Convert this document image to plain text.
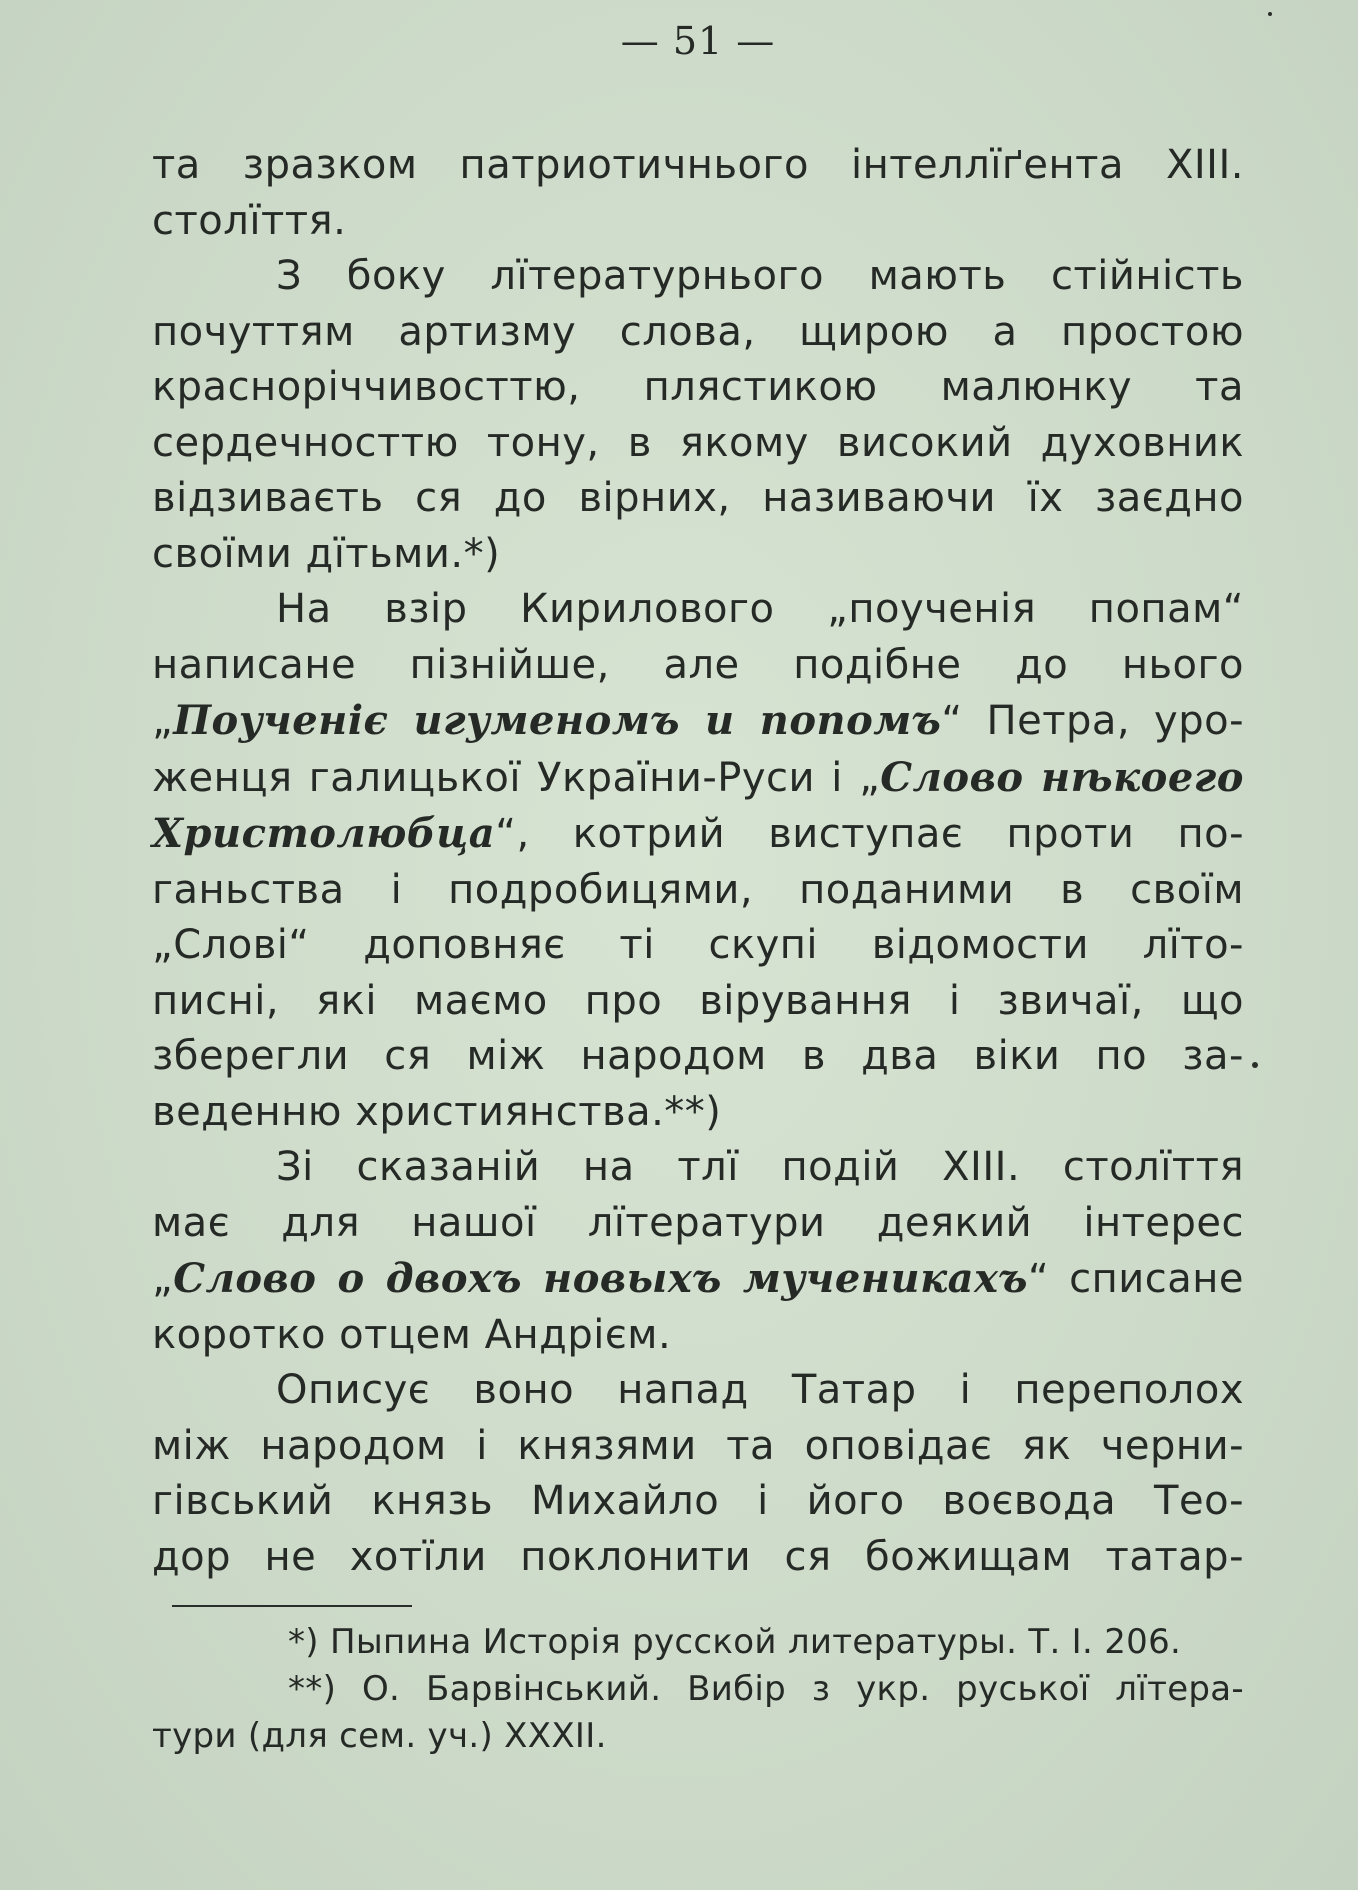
— 51 —

та зразком патриотичнього інтеллїґента ХІІІ.
столїття.

З боку лїтературнього мають стійність
почуттям артизму слова, щирою а простою
красноріччивосттю, плястикою малюнку та
сердечносттю тону, в якому високий духовник
відзиваєть ся до вірних, називаючи їх заєдно
своїми дїтьми.*)

На взір Кирилового „поученія попам“
написане пізнійше, але подібне до нього
„Поученіє игуменомъ и попомъ“ Петра, уро-
женця галицької України-Руси і „Слово нѣкоего
Христолюбца“, котрий виступає проти по-
ганьства і подробицями, поданими в своїм
„Слові“ доповняє ті скупі відомости лїто-
писні, які маємо про вірування і звичаї, що
зберегли ся між народом в два віки по за-
веденню християнства.**)

Зі сказаній на тлї подій XIII. столїття
має для нашої лїтератури деякий інтерес
„Слово о двохъ новыхъ мученикахъ“ списане
коротко отцем Андрієм.

Описує воно напад Татар і переполох
між народом і князями та оповідає як черни-
гівський князь Михайло і його воєвода Тео-
дор не хотїли поклонити ся божищам татар-

*) Пыпина Исторія русской литературы. Т. І. 206.
**) О. Барвінський. Вибір з укр. руської лїтера-
тури (для сем. уч.) XXXII.
